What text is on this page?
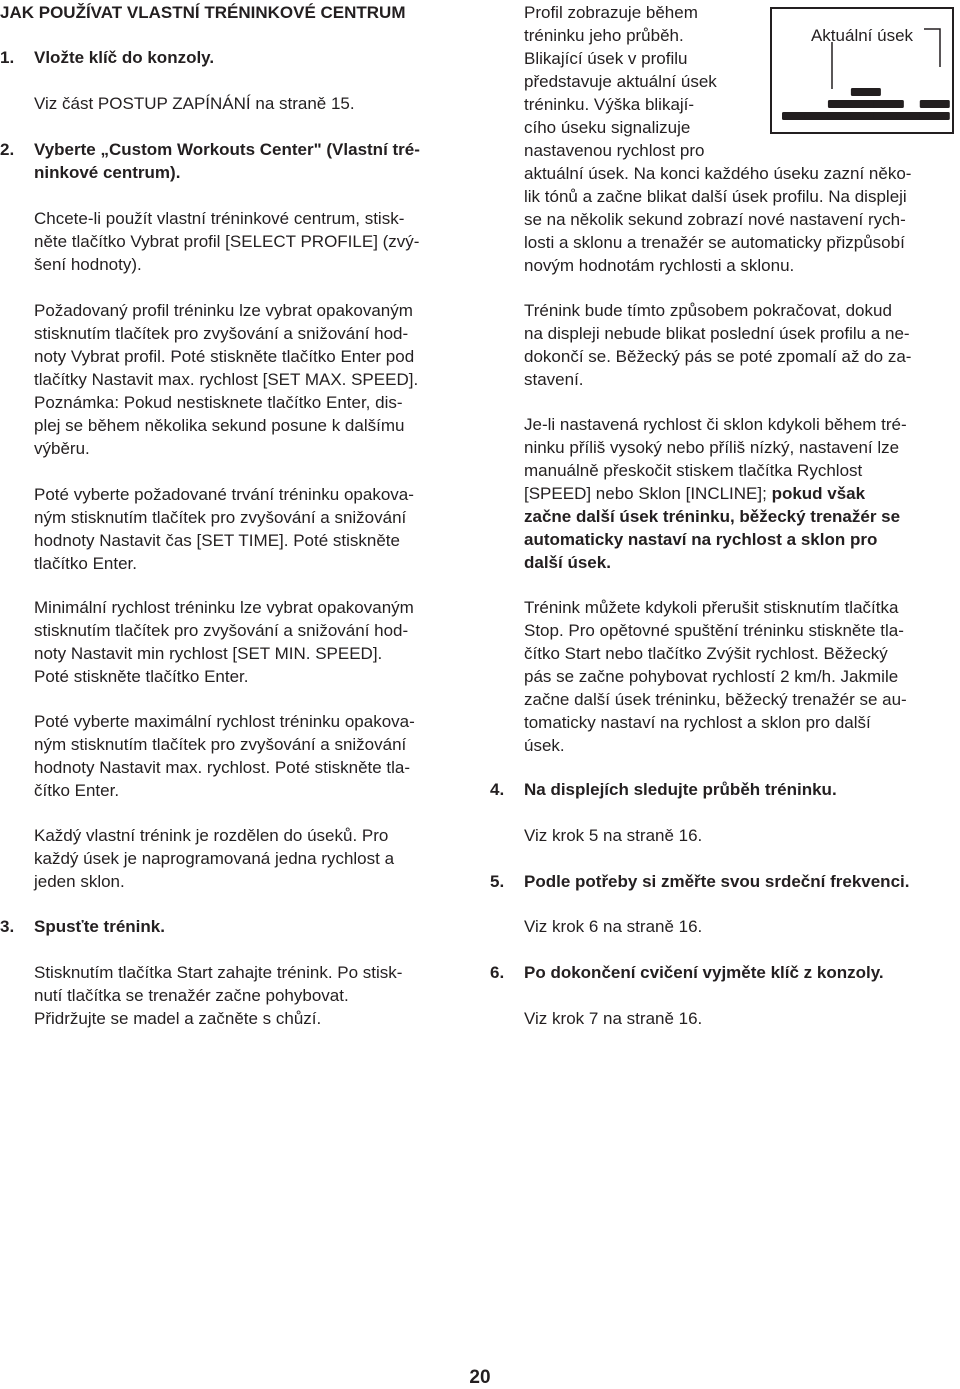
JAK POUŽÍVAT VLASTNÍ TRÉNINKOVÉ CENTRUM
1. Vložte klíč do konzoly.
Viz část POSTUP ZAPÍNÁNÍ na straně 15.
2. Vyberte „Custom Workouts Center" (Vlastní tré-
ninkové centrum).
Chcete-li použít vlastní tréninkové centrum, stisk-
něte tlačítko Vybrat profil [SELECT PROFILE] (zvý-
šení hodnoty).
Požadovaný profil tréninku lze vybrat opakovaným
stisknutím tlačítek pro zvyšování a snižování hod-
noty Vybrat profil. Poté stiskněte tlačítko Enter pod
tlačítky Nastavit max. rychlost [SET MAX. SPEED].
Poznámka: Pokud nestisknete tlačítko Enter, dis-
plej se během několika sekund posune k dalšímu
výběru.
Poté vyberte požadované trvání tréninku opakova-
ným stisknutím tlačítek pro zvyšování a snižování
hodnoty Nastavit čas [SET TIME]. Poté stiskněte
tlačítko Enter.
Minimální rychlost tréninku lze vybrat opakovaným
stisknutím tlačítek pro zvyšování a snižování hod-
noty Nastavit min rychlost [SET MIN. SPEED].
Poté stiskněte tlačítko Enter.
Poté vyberte maximální rychlost tréninku opakova-
ným stisknutím tlačítek pro zvyšování a snižování
hodnoty Nastavit max. rychlost. Poté stiskněte tla-
čítko Enter.
Každý vlastní trénink je rozdělen do úseků. Pro
každý úsek je naprogramovaná jedna rychlost a
jeden sklon.
3. Spusťte trénink.
Stisknutím tlačítka Start zahajte trénink. Po stisk-
nutí tlačítka se trenažér začne pohybovat.
Přidržujte se madel a začněte s chůzí.
Aktuální úsek
Profil zobrazuje během
tréninku jeho průběh.
Blikající úsek v profilu
představuje aktuální úsek
tréninku. Výška blikají-
cího úseku signalizuje
nastavenou rychlost pro
aktuální úsek. Na konci každého úseku zazní něko-
lik tónů a začne blikat další úsek profilu. Na displeji
se na několik sekund zobrazí nové nastavení rych-
losti a sklonu a trenažér se automaticky přizpůsobí
novým hodnotám rychlosti a sklonu.
Trénink bude tímto způsobem pokračovat, dokud
na displeji nebude blikat poslední úsek profilu a ne-
dokončí se. Běžecký pás se poté zpomalí až do za-
stavení.
Je-li nastavená rychlost či sklon kdykoli během tré-
ninku příliš vysoký nebo příliš nízký, nastavení lze
manuálně přeskočit stiskem tlačítka Rychlost
[SPEED] nebo Sklon [INCLINE]; pokud však
začne další úsek tréninku, běžecký trenažér se
automaticky nastaví na rychlost a sklon pro
další úsek.
Trénink můžete kdykoli přerušit stisknutím tlačítka
Stop. Pro opětovné spuštění tréninku stiskněte tla-
čítko Start nebo tlačítko Zvýšit rychlost. Běžecký
pás se začne pohybovat rychlostí 2 km/h. Jakmile
začne další úsek tréninku, běžecký trenažér se au-
tomaticky nastaví na rychlost a sklon pro další
úsek.
4. Na displejích sledujte průběh tréninku.
Viz krok 5 na straně 16.
5. Podle potřeby si změřte svou srdeční frekvenci.
Viz krok 6 na straně 16.
6. Po dokončení cvičení vyjměte klíč z konzoly.
Viz krok 7 na straně 16.
20
